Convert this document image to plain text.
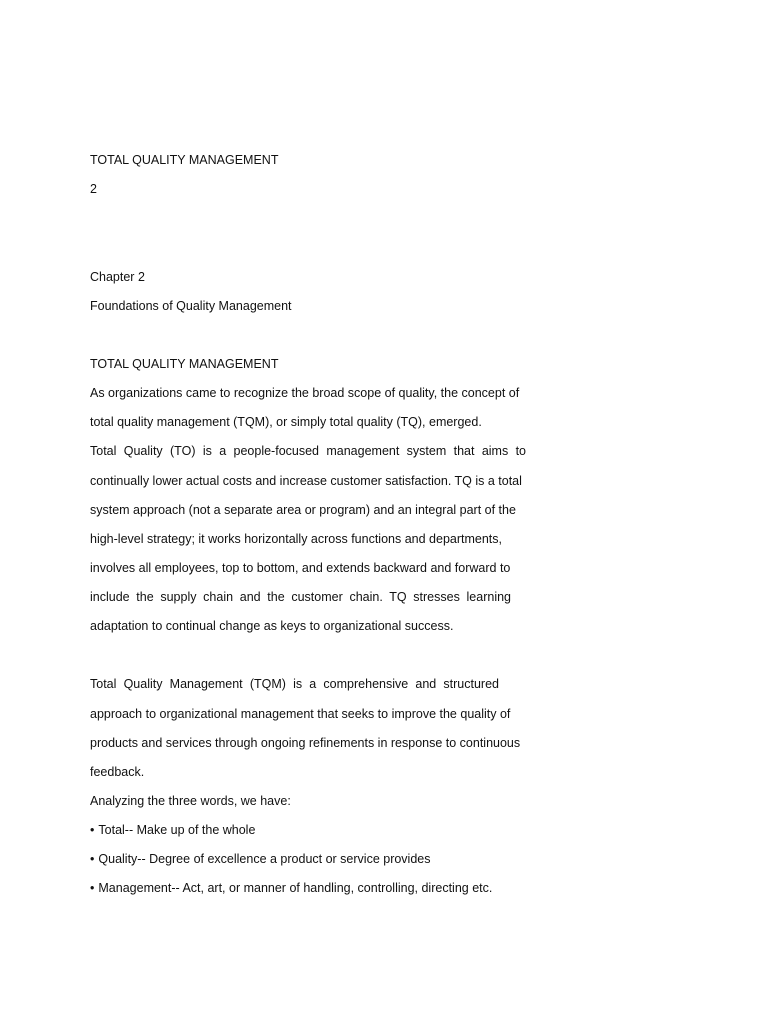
TOTAL QUALITY MANAGEMENT
2
Chapter 2
Foundations of Quality Management
TOTAL QUALITY MANAGEMENT
As organizations came to recognize the broad scope of quality, the concept of
total quality management (TQM), or simply total quality (TQ), emerged.
Total Quality (TO) is a people-focused management system that aims to
continually lower actual costs and increase customer satisfaction. TQ is a total
system approach (not a separate area or program) and an integral part of the
high-level strategy; it works horizontally across functions and departments,
involves all employees, top to bottom, and extends backward and forward to
include the supply chain and the customer chain. TQ stresses learning
adaptation to continual change as keys to organizational success.
Total Quality Management (TQM) is a comprehensive and structured
approach to organizational management that seeks to improve the quality of
products and services through ongoing refinements in response to continuous
feedback.
Analyzing the three words, we have:
• Total-- Make up of the whole
• Quality-- Degree of excellence a product or service provides
• Management-- Act, art, or manner of handling, controlling, directing etc.
